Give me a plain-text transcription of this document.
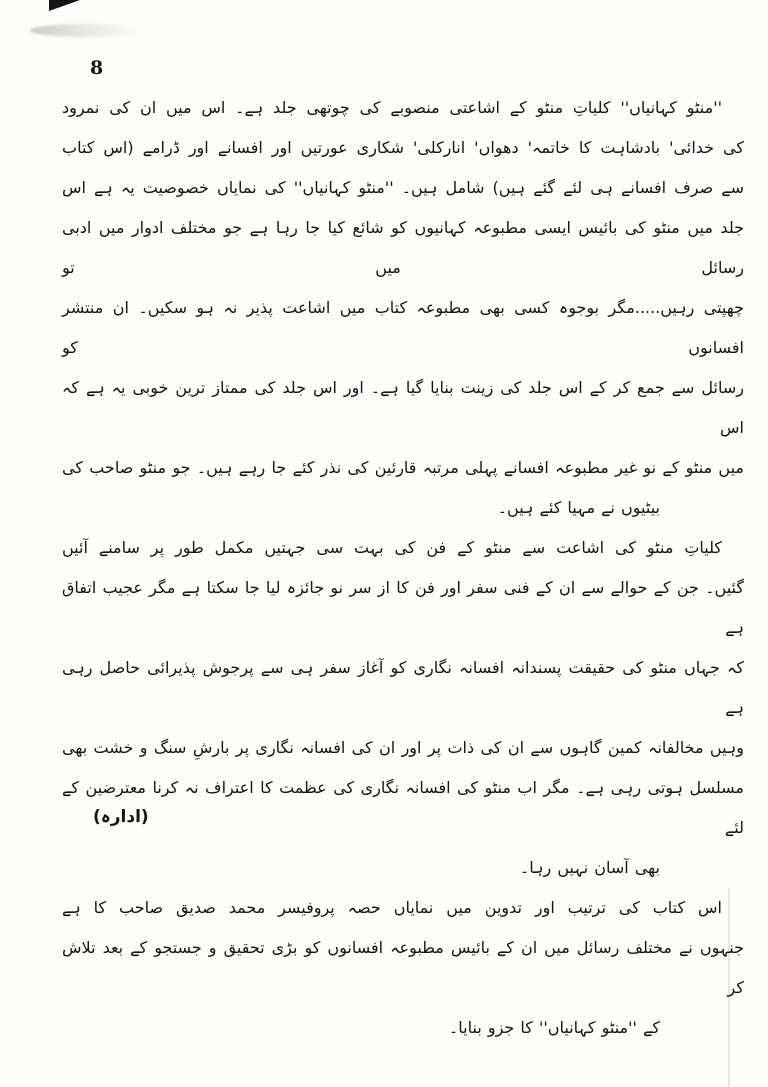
8
''منٹو کہانیاں'' کلیاتِ منٹو کے اشاعتی منصوبے کی چوتھی جلد ہے۔ اس میں ان کی نمرود
کی خدائی' بادشاہت کا خاتمہ' دھواں' انارکلی' شکاری عورتیں اور افسانے اور ڈرامے (اس کتاب
سے صرف افسانے ہی لئے گئے ہیں) شامل ہیں۔ ''منٹو کہانیاں'' کی نمایاں خصوصیت یہ ہے اس
جلد میں منٹو کی بائیس ایسی مطبوعہ کہانیوں کو شائع کیا جا رہا ہے جو مختلف ادوار میں ادبی رسائل میں تو
چھپتی رہیں.....مگر بوجوہ کسی بھی مطبوعہ کتاب میں اشاعت پذیر نہ ہو سکیں۔ ان منتشر افسانوں کو
رسائل سے جمع کر کے اس جلد کی زینت بنایا گیا ہے۔ اور اس جلد کی ممتاز ترین خوبی یہ ہے کہ اس
میں منٹو کے نو غیر مطبوعہ افسانے پہلی مرتبہ قارئین کی نذر کئے جا رہے ہیں۔ جو منٹو صاحب کی
بیٹیوں نے مہیا کئے ہیں۔
کلیاتِ منٹو کی اشاعت سے منٹو کے فن کی بہت سی جہتیں مکمل طور پر سامنے آئیں
گئیں۔ جن کے حوالے سے ان کے فنی سفر اور فن کا از سر نو جائزہ لیا جا سکتا ہے مگر عجیب اتفاق ہے
کہ جہاں منٹو کی حقیقت پسندانہ افسانہ نگاری کو آغاز سفر ہی سے پرجوش پذیرائی حاصل رہی ہے
وہیں مخالفانہ کمین گاہوں سے ان کی ذات پر اور ان کی افسانہ نگاری پر بارشِ سنگ و خشت بھی
مسلسل ہوتی رہی ہے۔ مگر اب منٹو کی افسانہ نگاری کی عظمت کا اعتراف نہ کرنا معترضین کے لئے
بھی آسان نہیں رہا۔
اس کتاب کی ترتیب اور تدوین میں نمایاں حصہ پروفیسر محمد صدیق صاحب کا ہے
جنہوں نے مختلف رسائل میں ان کے بائیس مطبوعہ افسانوں کو بڑی تحقیق و جستجو کے بعد تلاش کر
کے ''منٹو کہانیاں'' کا جزو بنایا۔
(ادارہ)
